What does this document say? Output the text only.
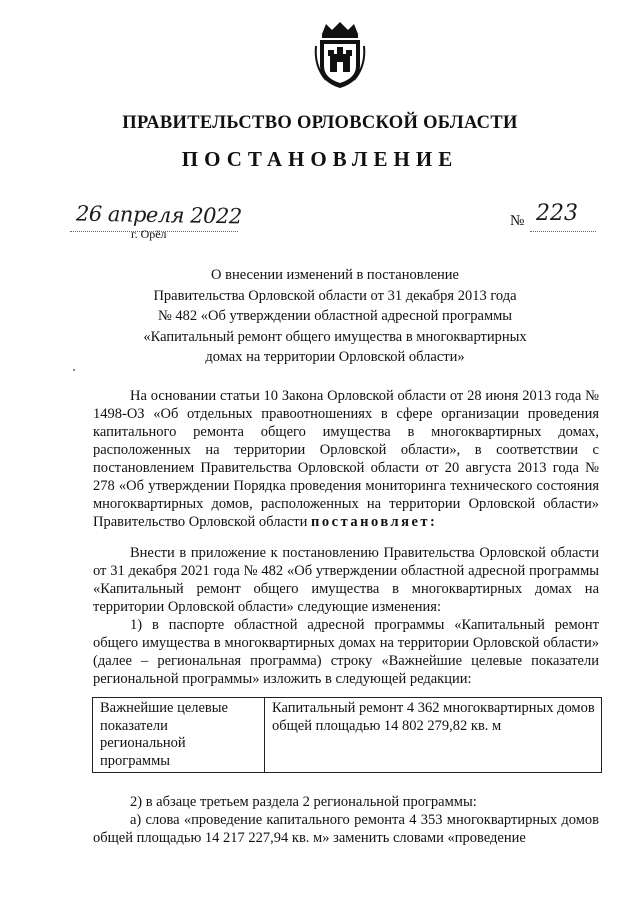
ПРАВИТЕЛЬСТВО ОРЛОВСКОЙ ОБЛАСТИ
ПОСТАНОВЛЕНИЕ
26 апреля 2022
г. Орёл
№ 223
О внесении изменений в постановление
Правительства Орловской области от 31 декабря 2013 года
№ 482 «Об утверждении областной адресной программы
«Капитальный ремонт общего имущества в многоквартирных
домах на территории Орловской области»

На основании статьи 10 Закона Орловской области от 28 июня 2013 года № 1498-ОЗ «Об отдельных правоотношениях в сфере организации проведения капитального ремонта общего имущества в многоквартирных домах, расположенных на территории Орловской области», в соответствии с постановлением Правительства Орловской области от 20 августа 2013 года № 278 «Об утверждении Порядка проведения мониторинга технического состояния многоквартирных домов, расположенных на территории Орловской области» Правительство Орловской области постановляет:

Внести в приложение к постановлению Правительства Орловской области от 31 декабря 2021 года № 482 «Об утверждении областной адресной программы «Капитальный ремонт общего имущества в многоквартирных домах на территории Орловской области» следующие изменения:

1) в паспорте областной адресной программы «Капитальный ремонт общего имущества в многоквартирных домах на территории Орловской области» (далее – региональная программа) строку «Важнейшие целевые показатели региональной программы» изложить в следующей редакции:

Важнейшие целевые
показатели
региональной
программы
	Капитальный ремонт 4 362 многоквартирных домов общей площадью 14 802 279,82 кв. м

2) в абзаце третьем раздела 2 региональной программы:

а) слова «проведение капитального ремонта 4 353 многоквартирных домов общей площадью 14 217 227,94 кв. м» заменить словами «проведение
